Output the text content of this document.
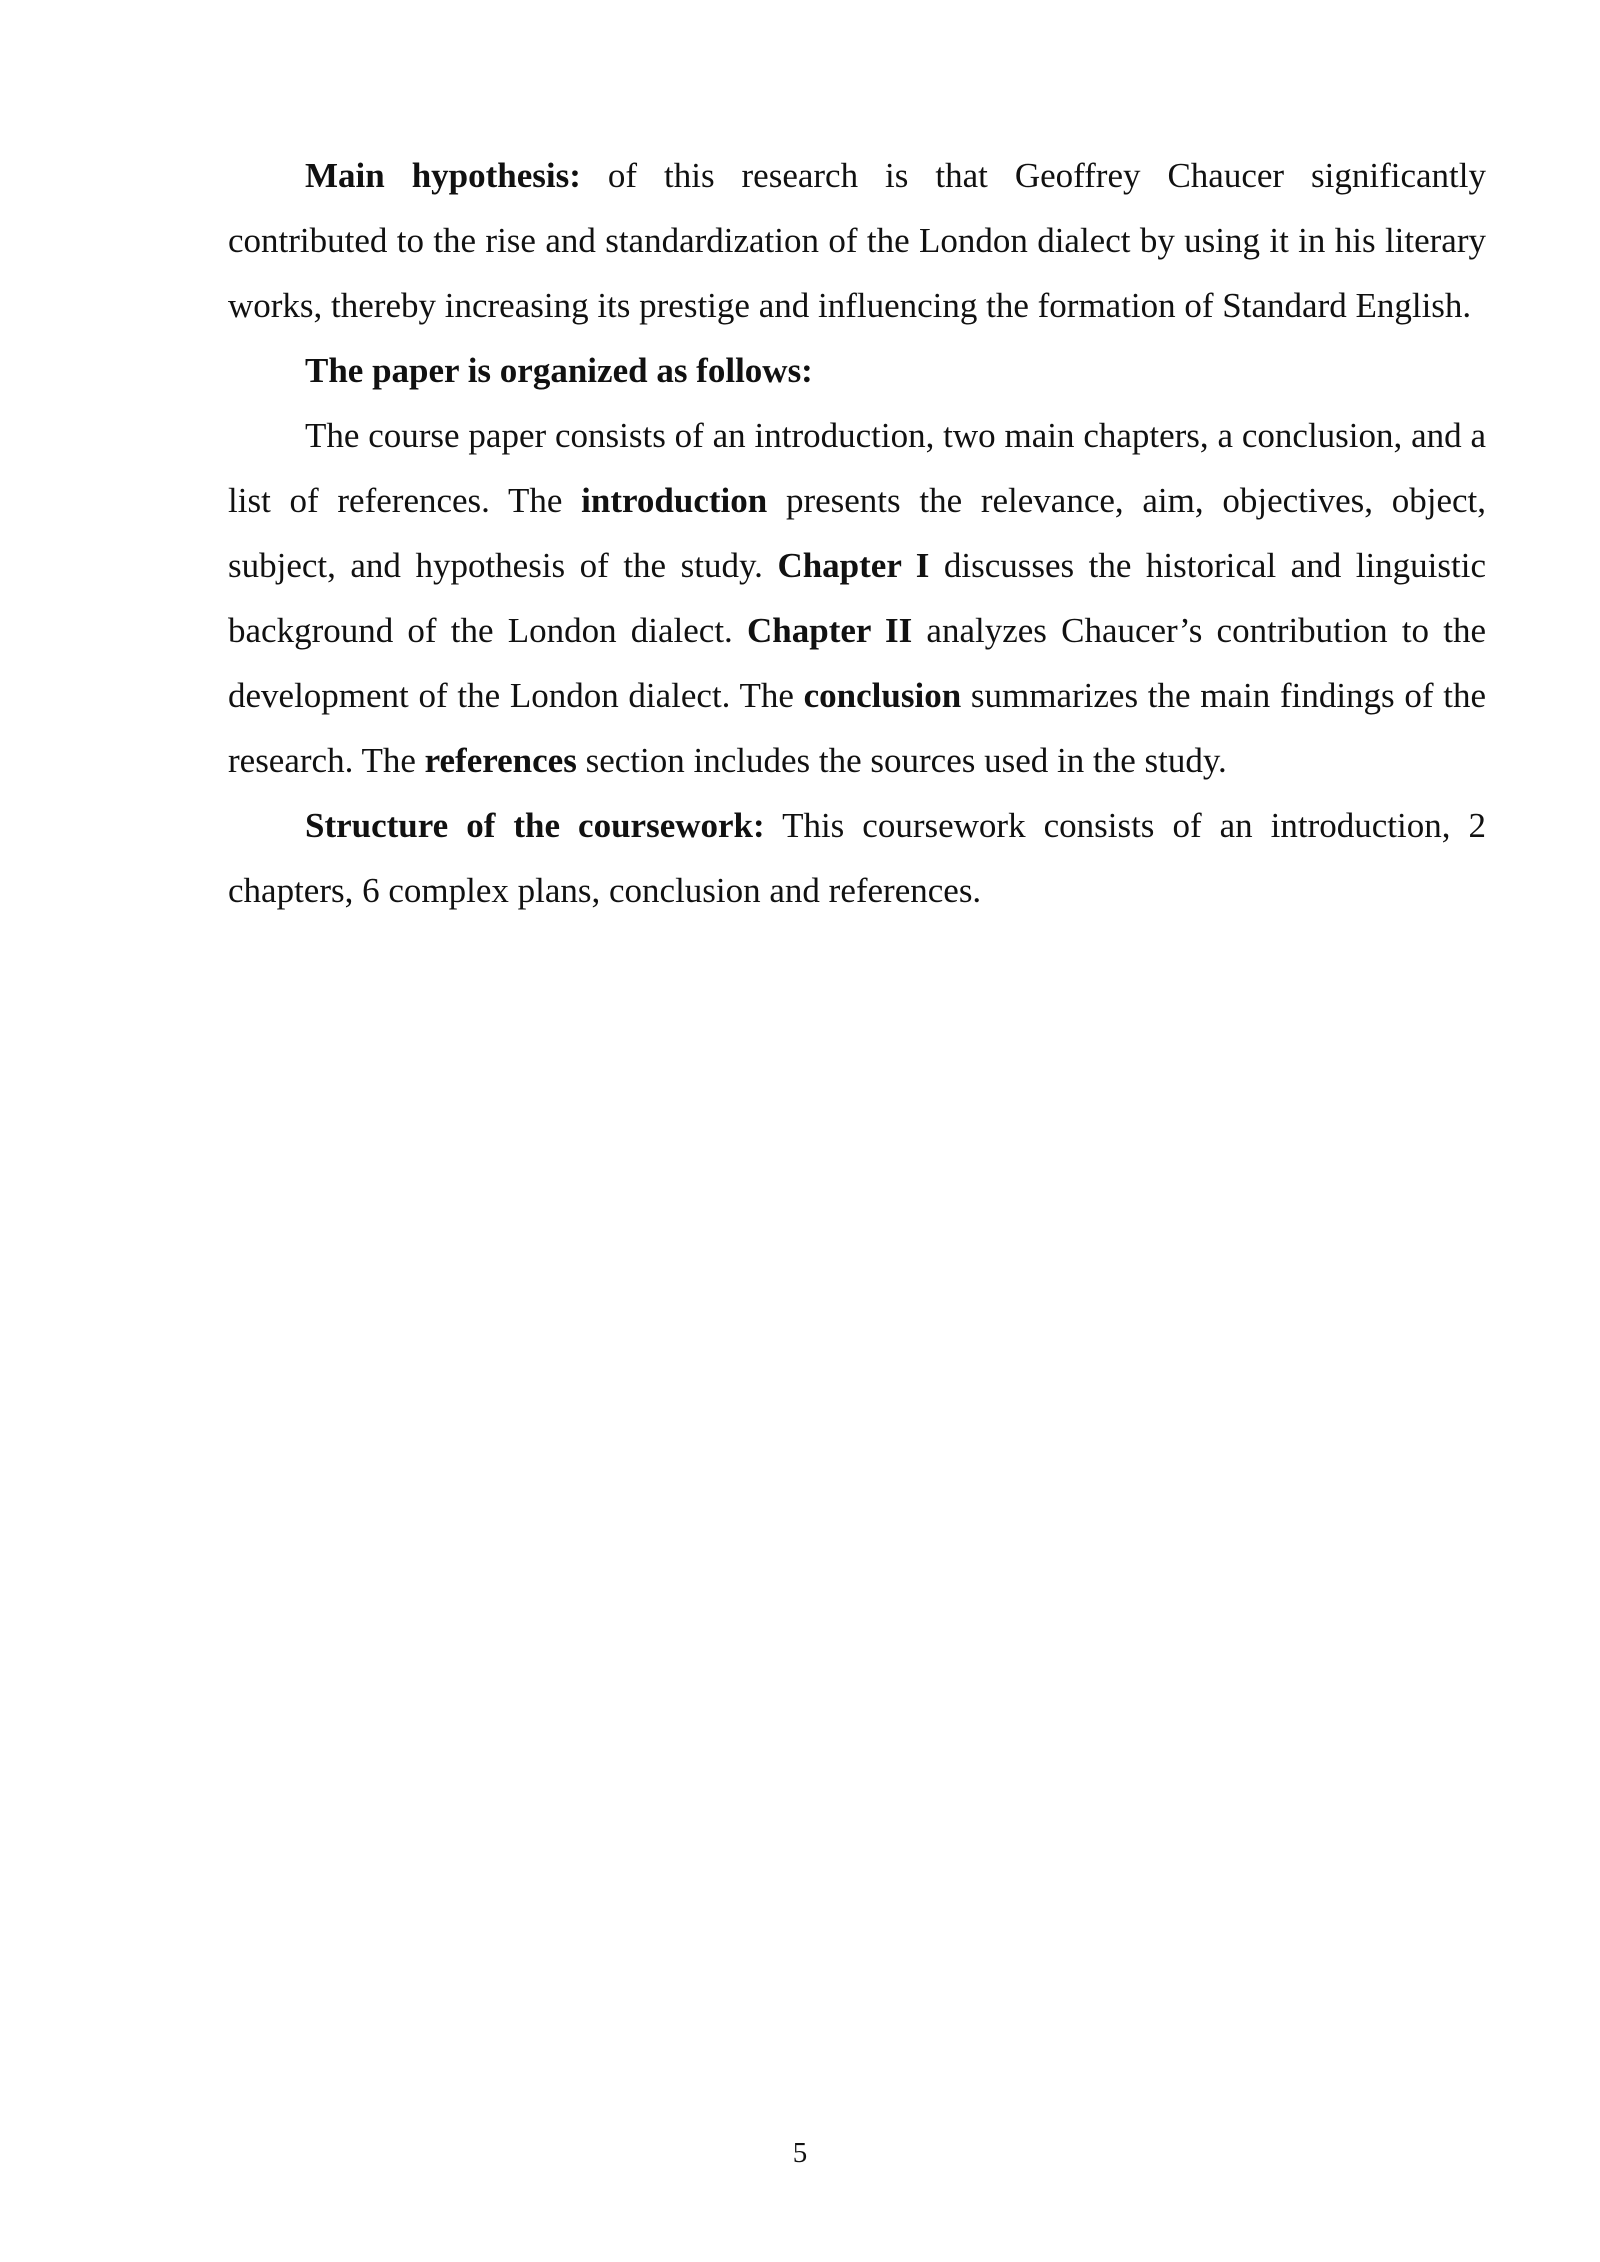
Main hypothesis: of this research is that Geoffrey Chaucer significantly contributed to the rise and standardization of the London dialect by using it in his literary works, thereby increasing its prestige and influencing the formation of Standard English.

The paper is organized as follows:

The course paper consists of an introduction, two main chapters, a conclusion, and a list of references. The introduction presents the relevance, aim, objectives, object, subject, and hypothesis of the study. Chapter I discusses the historical and linguistic background of the London dialect. Chapter II analyzes Chaucer’s contribution to the development of the London dialect. The conclusion summarizes the main findings of the research. The references section includes the sources used in the study.

Structure of the coursework: This coursework consists of an introduction, 2 chapters, 6 complex plans, conclusion and references.

5
